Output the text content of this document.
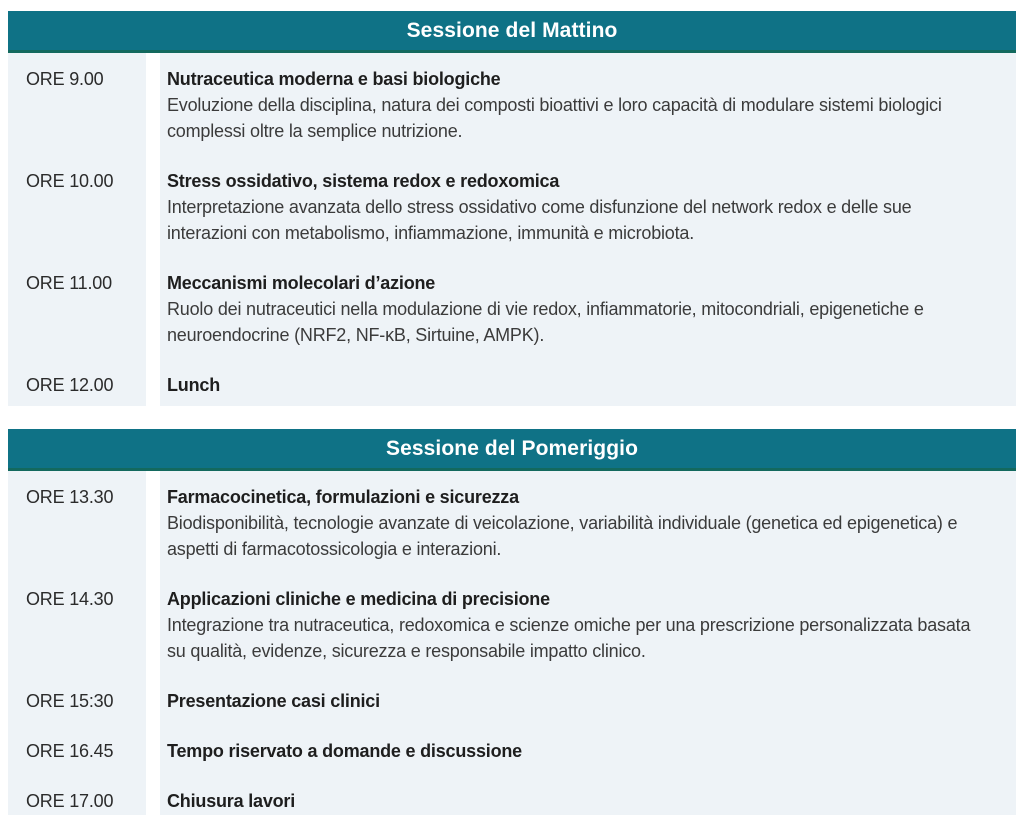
Sessione del Mattino
ORE 9.00	Nutraceutica moderna e basi biologiche
Evoluzione della disciplina, natura dei composti bioattivi e loro capacità di modulare sistemi biologici complessi oltre la semplice nutrizione.
ORE 10.00	Stress ossidativo, sistema redox e redoxomica
Interpretazione avanzata dello stress ossidativo come disfunzione del network redox e delle sue interazioni con metabolismo, infiammazione, immunità e microbiota.
ORE 11.00	Meccanismi molecolari d’azione
Ruolo dei nutraceutici nella modulazione di vie redox, infiammatorie, mitocondriali, epigenetiche e neuroendocrine (NRF2, NF-κB, Sirtuine, AMPK).
ORE 12.00	Lunch
Sessione del Pomeriggio
ORE 13.30	Farmacocinetica, formulazioni e sicurezza
Biodisponibilità, tecnologie avanzate di veicolazione, variabilità individuale (genetica ed epigenetica) e aspetti di farmacotossicologia e interazioni.
ORE 14.30	Applicazioni cliniche e medicina di precisione
Integrazione tra nutraceutica, redoxomica e scienze omiche per una prescrizione personalizzata basata su qualità, evidenze, sicurezza e responsabile impatto clinico.
ORE 15:30	Presentazione casi clinici
ORE 16.45	Tempo riservato a domande e discussione
ORE 17.00	Chiusura lavori
